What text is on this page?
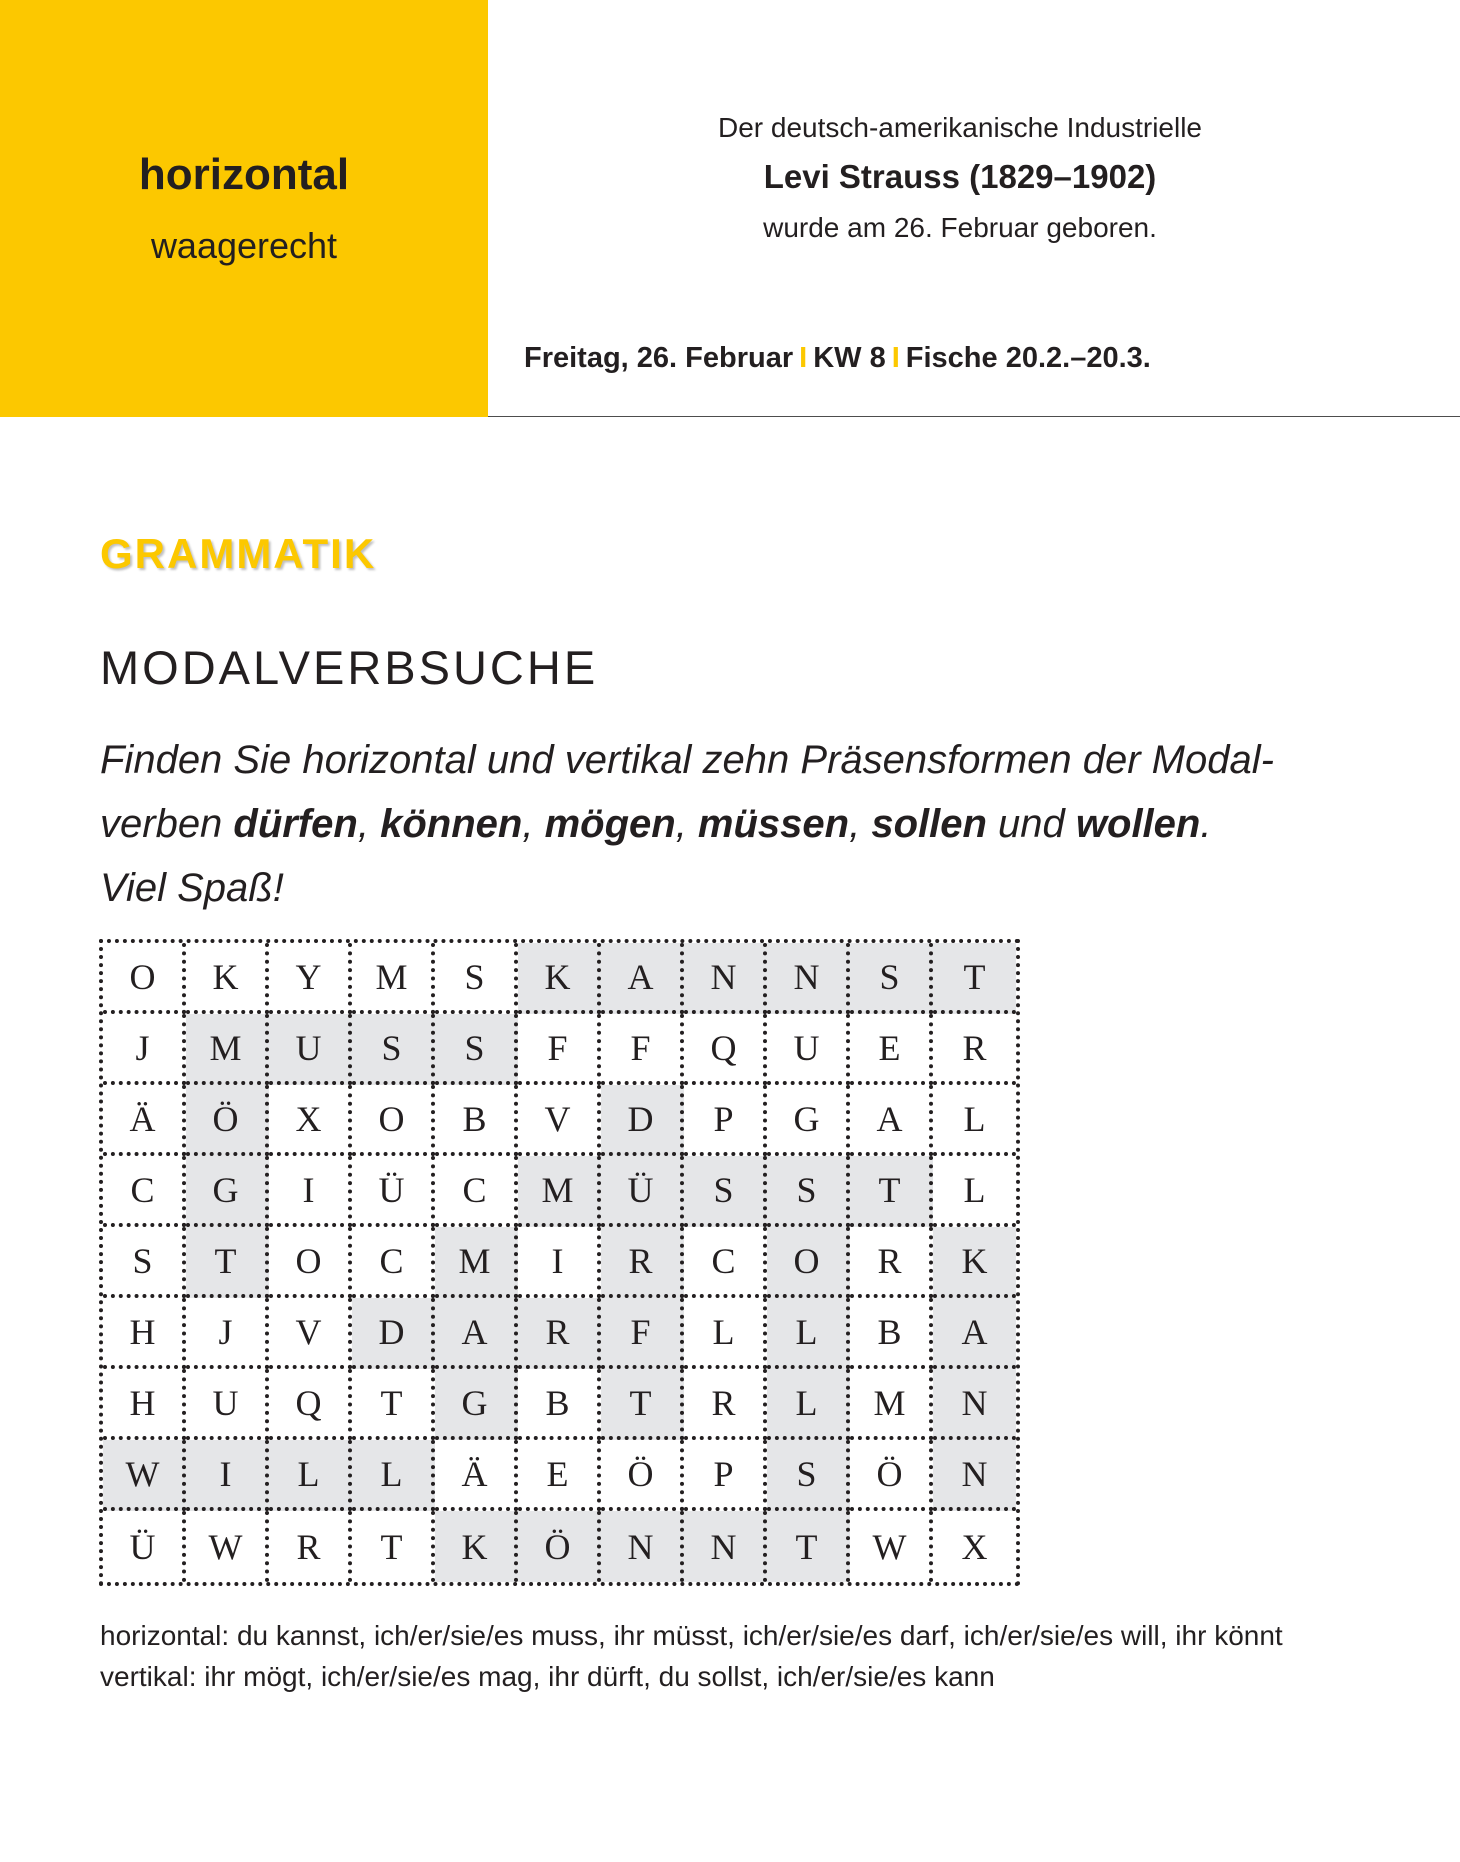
horizontal
waagerecht
Der deutsch-amerikanische Industrielle
Levi Strauss (1829–1902)
wurde am 26. Februar geboren.
Freitag, 26. Februar I KW 8 I Fische 20.2.–20.3.
GRAMMATIK
MODALVERBSUCHE
Finden Sie horizontal und vertikal zehn Präsensformen der Modal-
verben dürfen, können, mögen, müssen, sollen und wollen.
Viel Spaß!
O	K	Y	M	S	K	A	N	N	S	T
J	M	U	S	S	F	F	Q	U	E	R
Ä	Ö	X	O	B	V	D	P	G	A	L
C	G	I	Ü	C	M	Ü	S	S	T	L
S	T	O	C	M	I	R	C	O	R	K
H	J	V	D	A	R	F	L	L	B	A
H	U	Q	T	G	B	T	R	L	M	N
W	I	L	L	Ä	E	Ö	P	S	Ö	N
Ü	W	R	T	K	Ö	N	N	T	W	X
horizontal: du kannst, ich/er/sie/es muss, ihr müsst, ich/er/sie/es darf, ich/er/sie/es will, ihr könnt
vertikal: ihr mögt, ich/er/sie/es mag, ihr dürft, du sollst, ich/er/sie/es kann
